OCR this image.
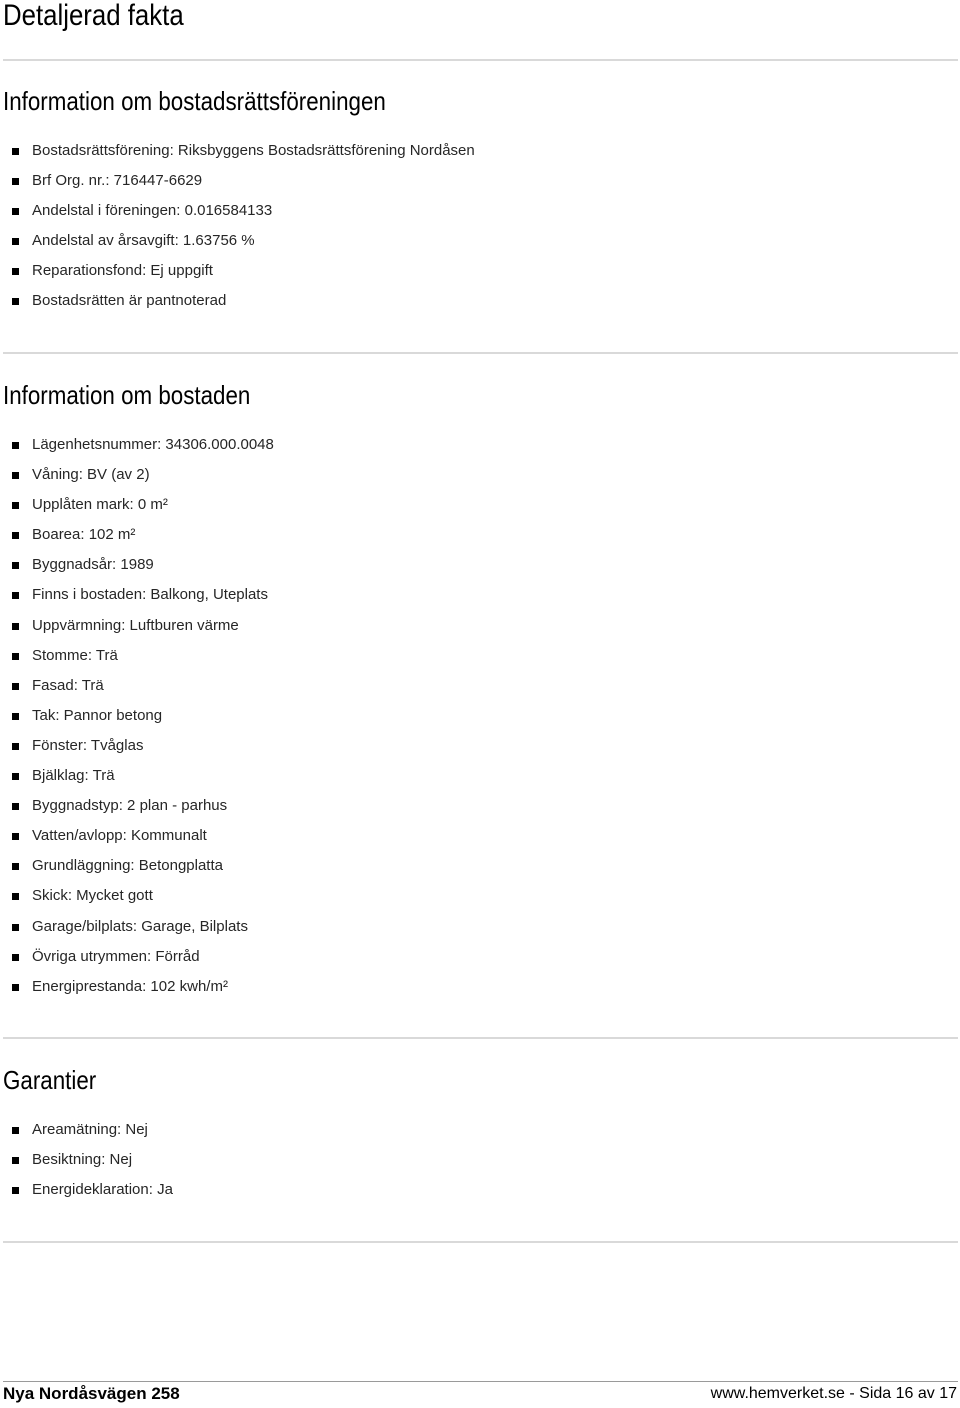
Detaljerad fakta
Information om bostadsrättsföreningen
Bostadsrättsförening: Riksbyggens Bostadsrättsförening Nordåsen
Brf Org. nr.: 716447-6629
Andelstal i föreningen: 0.016584133
Andelstal av årsavgift: 1.63756 %
Reparationsfond: Ej uppgift
Bostadsrätten är pantnoterad
Information om bostaden
Lägenhetsnummer: 34306.000.0048
Våning: BV (av 2)
Upplåten mark: 0 m²
Boarea: 102 m²
Byggnadsår: 1989
Finns i bostaden: Balkong, Uteplats
Uppvärmning: Luftburen värme
Stomme: Trä
Fasad: Trä
Tak: Pannor betong
Fönster: Tvåglas
Bjälklag: Trä
Byggnadstyp: 2 plan - parhus
Vatten/avlopp: Kommunalt
Grundläggning: Betongplatta
Skick: Mycket gott
Garage/bilplats: Garage, Bilplats
Övriga utrymmen: Förråd
Energiprestanda: 102 kwh/m²
Garantier
Areamätning: Nej
Besiktning: Nej
Energideklaration: Ja
Nya Nordåsvägen 258	www.hemverket.se - Sida 16 av 17
